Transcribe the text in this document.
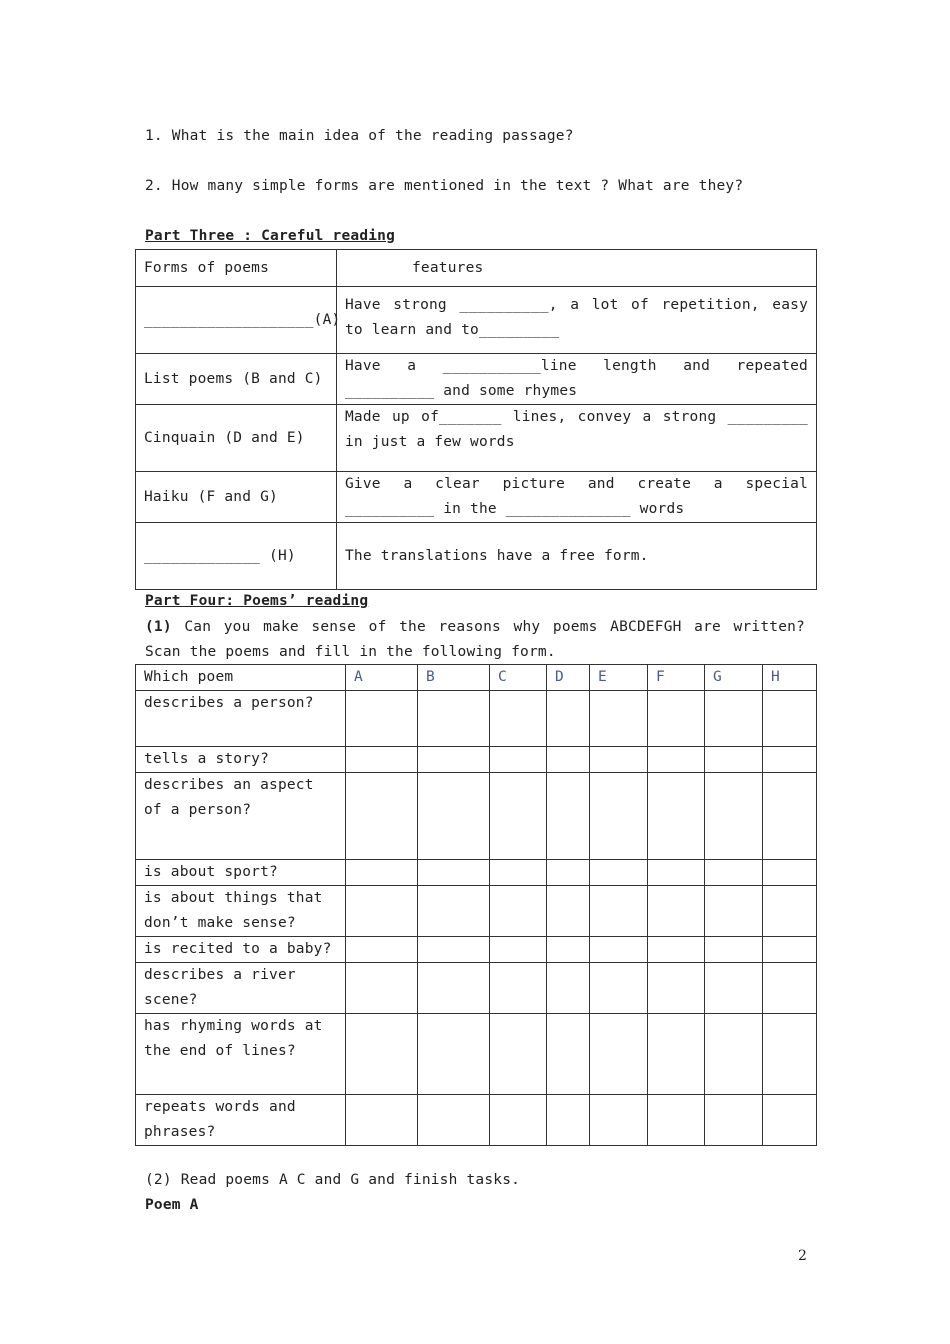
1. What is the main idea of the reading passage?

2. How many simple forms are mentioned in the text ? What are they?

Part Three : Careful reading

Forms of poems	features
___________________(A)	Have strong __________, a lot of repetition, easy to learn and to_________
List poems (B and C)	Have a ___________line length and repeated __________ and some rhymes
Cinquain (D and E)	Made up of_______ lines, convey a strong _________ in just a few words
Haiku (F and G)	Give a clear picture and create a special __________ in the ______________ words
_____________ (H)	The translations have a free form.

Part Four: Poems’ reading

(1) Can you make sense of the reasons why poems ABCDEFGH are written? Scan the poems and fill in the following form.

Which poem	A	B	C	D	E	F	G	H
describes a person?								
tells a story?								
describes an aspect of a person?								
is about sport?								
is about things that don’t make sense?								
is recited to a baby?								
describes a river scene?								
has rhyming words at the end of lines?								
repeats words and phrases?								

(2) Read poems A C and G and finish tasks.

Poem A

2
